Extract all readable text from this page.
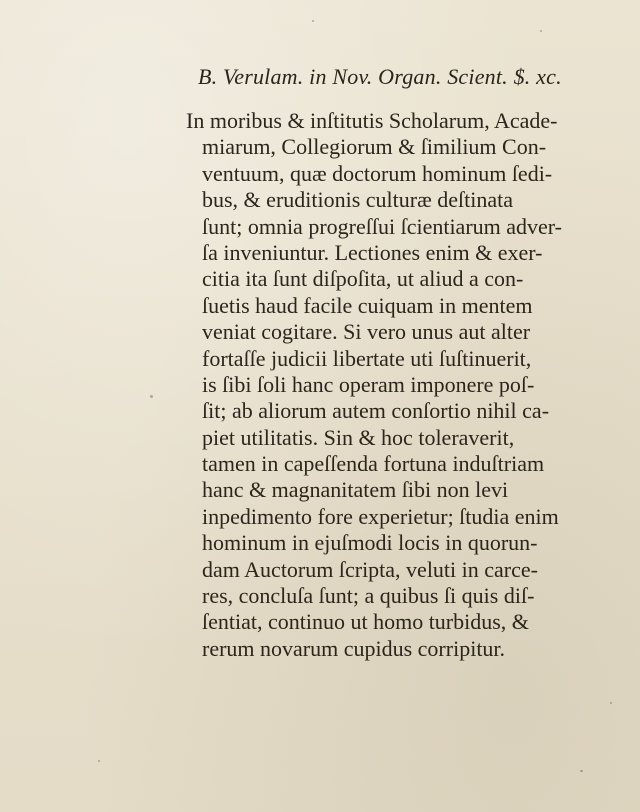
B. Verulam. in Nov. Organ. Scient. $. xc.
In moribus & inſtitutis Scholarum, Acade-
miarum, Collegiorum & ſimilium Con-
ventuum, quæ doctorum hominum ſedi-
bus, & eruditionis culturæ deſtinata
ſunt; omnia progreſſui ſcientiarum adver-
ſa inveniuntur. Lectiones enim & exer-
citia ita ſunt diſpoſita, ut aliud a con-
ſuetis haud facile cuiquam in mentem
veniat cogitare. Si vero unus aut alter
fortaſſe judicii libertate uti ſuſtinuerit,
is ſibi ſoli hanc operam imponere poſ-
ſit; ab aliorum autem conſortio nihil ca-
piet utilitatis. Sin & hoc toleraverit,
tamen in capeſſenda fortuna induſtriam
hanc & magnanitatem ſibi non levi
inpedimento fore experietur; ſtudia enim
hominum in ejuſmodi locis in quorun-
dam Auctorum ſcripta, veluti in carce-
res, concluſa ſunt; a quibus ſi quis diſ-
ſentiat, continuo ut homo turbidus, &
rerum novarum cupidus corripitur.
